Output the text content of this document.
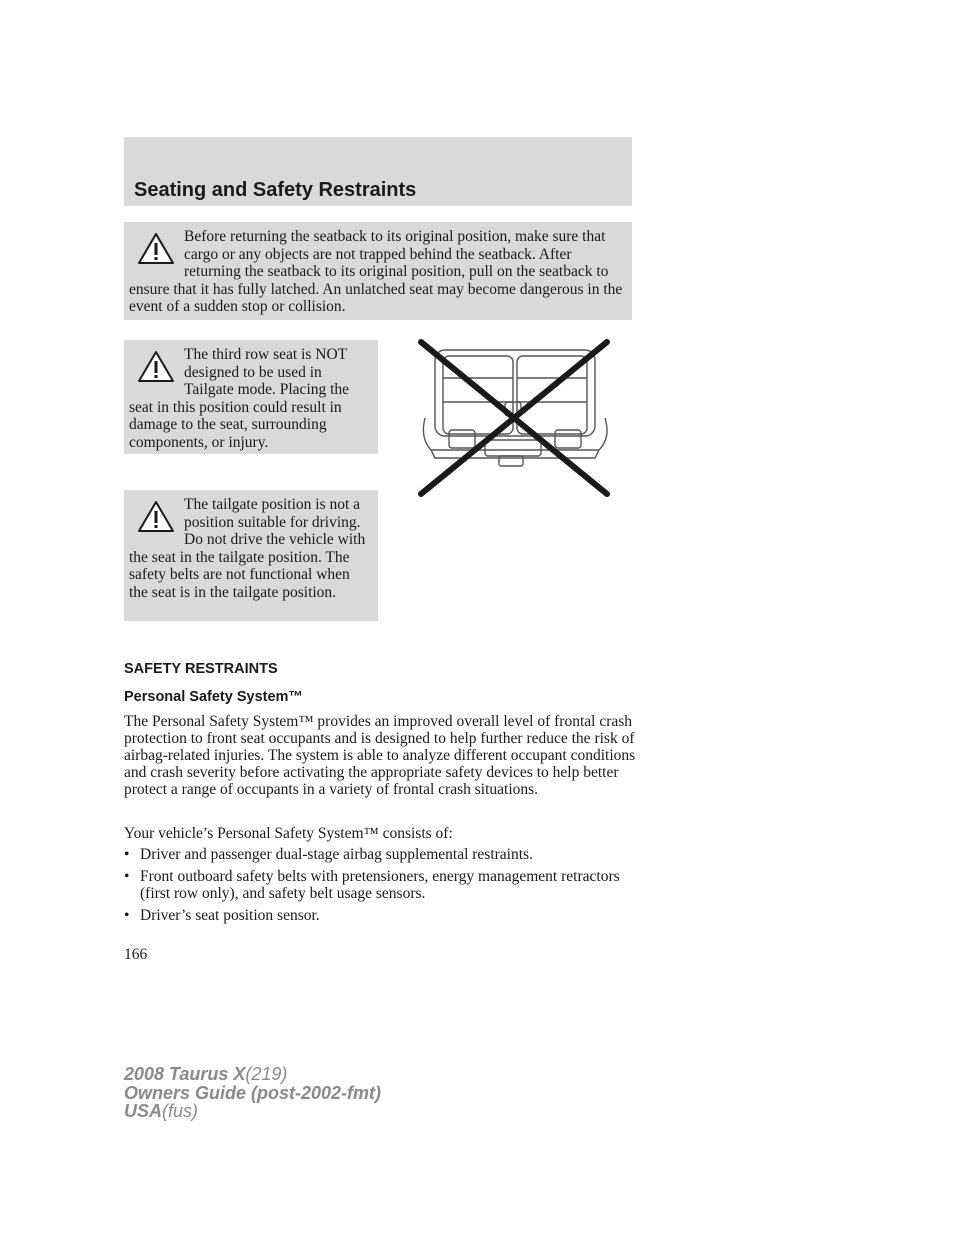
Seating and Safety Restraints

Before returning the seatback to its original position, make sure that cargo or any objects are not trapped behind the seatback. After returning the seatback to its original position, pull on the seatback to ensure that it has fully latched. An unlatched seat may become dangerous in the event of a sudden stop or collision.

The third row seat is NOT designed to be used in Tailgate mode. Placing the seat in this position could result in damage to the seat, surrounding components, or injury.

The tailgate position is not a position suitable for driving. Do not drive the vehicle with the seat in the tailgate position. The safety belts are not functional when the seat is in the tailgate position.

SAFETY RESTRAINTS
Personal Safety System™

The Personal Safety System™ provides an improved overall level of frontal crash protection to front seat occupants and is designed to help further reduce the risk of airbag-related injuries. The system is able to analyze different occupant conditions and crash severity before activating the appropriate safety devices to help better protect a range of occupants in a variety of frontal crash situations.

Your vehicle’s Personal Safety System™ consists of:

• Driver and passenger dual-stage airbag supplemental restraints.
• Front outboard safety belts with pretensioners, energy management retractors (first row only), and safety belt usage sensors.
• Driver’s seat position sensor.

166

2008 Taurus X(219)
Owners Guide (post-2002-fmt)
USA(fus)
